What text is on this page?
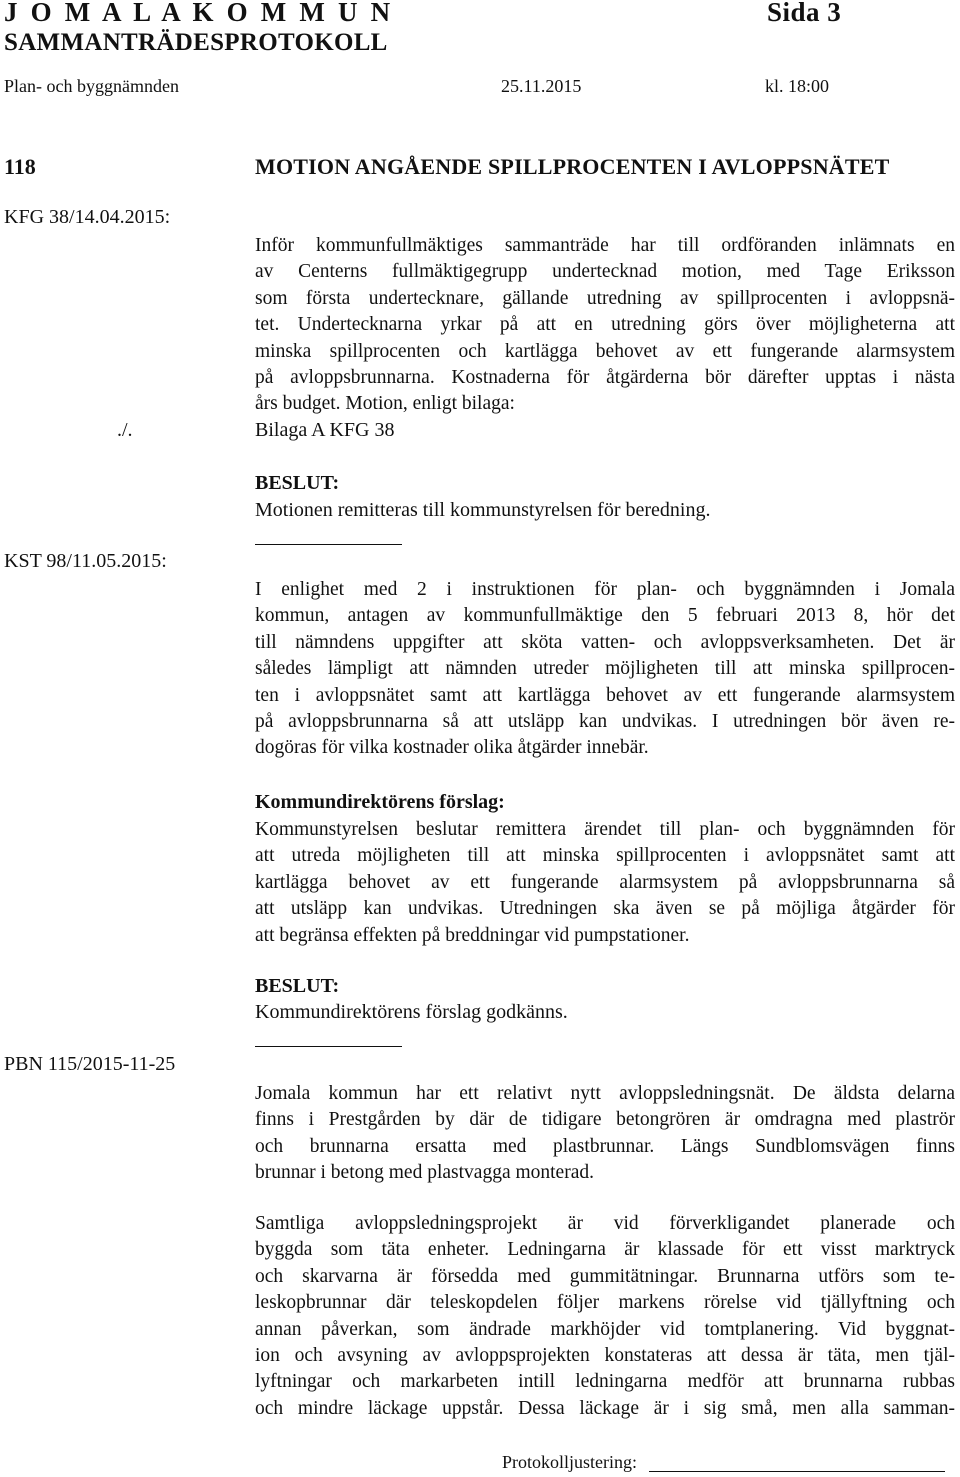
J O M A L A K O M M U N	Sida 3
SAMMANTRÄDESPROTOKOLL
Plan- och byggnämnden	25.11.2015	kl. 18:00
118	MOTION ANGÅENDE SPILLPROCENTEN I AVLOPPSNÄTET
KFG 38/14.04.2015:
Inför kommunfullmäktiges sammanträde har till ordföranden inlämnats en
av Centerns fullmäktigegrupp undertecknad motion, med Tage Eriksson
som första undertecknare, gällande utredning av spillprocenten i avloppsnä-
tet. Undertecknarna yrkar på att en utredning görs över möjligheterna att
minska spillprocenten och kartlägga behovet av ett fungerande alarmsystem
på avloppsbrunnarna. Kostnaderna för åtgärderna bör därefter upptas i nästa
års budget. Motion, enligt bilaga:
./.	Bilaga A KFG 38
BESLUT:
Motionen remitteras till kommunstyrelsen för beredning.
KST 98/11.05.2015:
I enlighet med 2 i instruktionen för plan- och byggnämnden i Jomala
kommun, antagen av kommunfullmäktige den 5 februari 2013 8, hör det
till nämndens uppgifter att sköta vatten- och avloppsverksamheten. Det är
således lämpligt att nämnden utreder möjligheten till att minska spillprocen-
ten i avloppsnätet samt att kartlägga behovet av ett fungerande alarmsystem
på avloppsbrunnarna så att utsläpp kan undvikas. I utredningen bör även re-
dogöras för vilka kostnader olika åtgärder innebär.
Kommundirektörens förslag:
Kommunstyrelsen beslutar remittera ärendet till plan- och byggnämnden för
att utreda möjligheten till att minska spillprocenten i avloppsnätet samt att
kartlägga behovet av ett fungerande alarmsystem på avloppsbrunnarna så
att utsläpp kan undvikas. Utredningen ska även se på möjliga åtgärder för
att begränsa effekten på breddningar vid pumpstationer.
BESLUT:
Kommundirektörens förslag godkänns.
PBN 115/2015-11-25
Jomala kommun har ett relativt nytt avloppsledningsnät. De äldsta delarna
finns i Prestgården by där de tidigare betongrören är omdragna med plaströr
och brunnarna ersatta med plastbrunnar. Längs Sundblomsvägen finns
brunnar i betong med plastvagga monterad.
Samtliga avloppsledningsprojekt är vid förverkligandet planerade och
byggda som täta enheter. Ledningarna är klassade för ett visst marktryck
och skarvarna är försedda med gummitätningar. Brunnarna utförs som te-
leskopbrunnar där teleskopdelen följer markens rörelse vid tjällyftning och
annan påverkan, som ändrade markhöjder vid tomtplanering. Vid byggnat-
ion och avsyning av avloppsprojekten konstateras att dessa är täta, men tjäl-
lyftningar och markarbeten intill ledningarna medför att brunnarna rubbas
och mindre läckage uppstår. Dessa läckage är i sig små, men alla samman-
Protokolljustering:
